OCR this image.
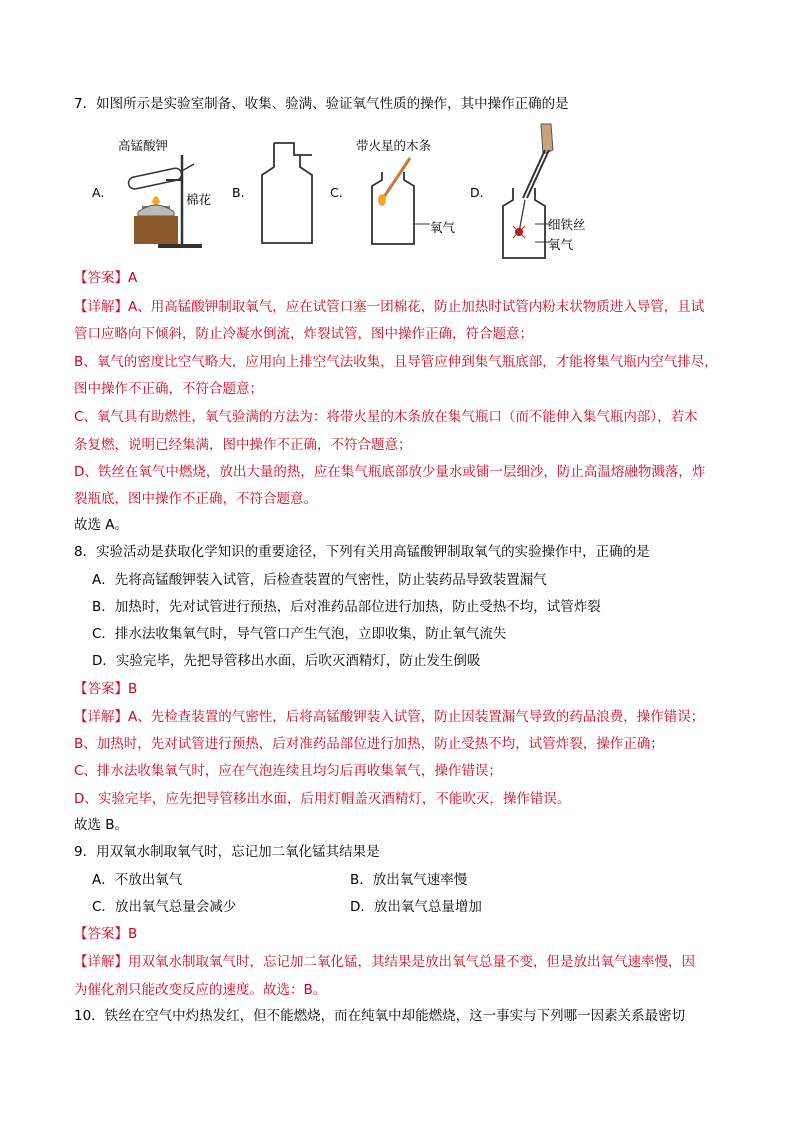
7．如图所示是实验室制备、收集、验满、验证氧气性质的操作，其中操作正确的是
A.
高锰酸钾
棉花 B.	C.
带火星的木条
氧气
D.
细铁丝
氧气
【答案】A
【详解】A、用高锰酸钾制取氧气，应在试管口塞一团棉花，防止加热时试管内粉末状物质进入导管，且试
管口应略向下倾斜，防止冷凝水倒流，炸裂试管，图中操作正确，符合题意；
B、氧气的密度比空气略大，应用向上排空气法收集，且导管应伸到集气瓶底部，才能将集气瓶内空气排尽，
图中操作不正确，不符合题意；
C、氧气具有助燃性，氧气验满的方法为：将带火星的木条放在集气瓶口（而不能伸入集气瓶内部），若木
条复燃，说明已经集满，图中操作不正确，不符合题意；
D、铁丝在氧气中燃烧，放出大量的热，应在集气瓶底部放少量水或铺一层细沙，防止高温熔融物溅落，炸
裂瓶底，图中操作不正确，不符合题意。
故选 A。
8．实验活动是获取化学知识的重要途径，下列有关用高锰酸钾制取氧气的实验操作中，正确的是
A．先将高锰酸钾装入试管，后检查装置的气密性，防止装药品导致装置漏气
B．加热时，先对试管进行预热，后对准药品部位进行加热，防止受热不均，试管炸裂
C．排水法收集氧气时，导气管口产生气泡，立即收集，防止氧气流失
D．实验完毕，先把导管移出水面，后吹灭酒精灯，防止发生倒吸
【答案】B
【详解】A、先检查装置的气密性，后将高锰酸钾装入试管，防止因装置漏气导致的药品浪费，操作错误；
B、加热时，先对试管进行预热，后对准药品部位进行加热，防止受热不均，试管炸裂，操作正确；
C、排水法收集氧气时，应在气泡连续且均匀后再收集氧气，操作错误；
D、实验完毕，应先把导管移出水面，后用灯帽盖灭酒精灯，不能吹灭，操作错误。
故选 B。
9．用双氧水制取氧气时，忘记加二氧化锰其结果是
A．不放出氧气	B．放出氧气速率慢
C．放出氧气总量会减少	D．放出氧气总量增加
【答案】B
【详解】用双氧水制取氧气时，忘记加二氧化锰，其结果是放出氧气总量不变，但是放出氧气速率慢，因
为催化剂只能改变反应的速度。故选：B。
10．铁丝在空气中灼热发红，但不能燃烧，而在纯氧中却能燃烧，这一事实与下列哪一因素关系最密切
